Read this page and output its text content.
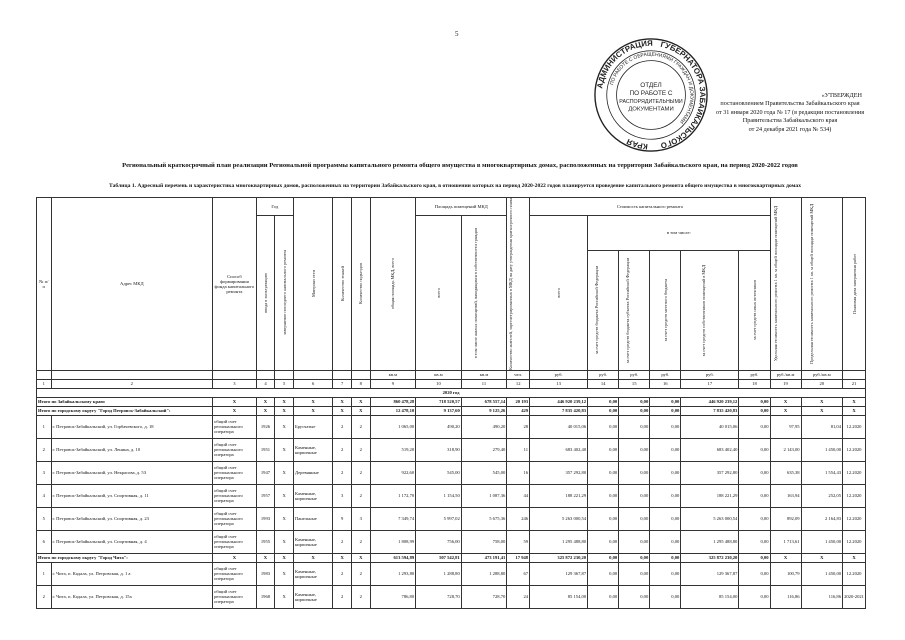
5
АДМИНИСТРАЦИЯ ГУБЕРНАТОРА ЗАБАЙКАЛЬСКОГО
КРАЯ
ПО РАБОТЕ С ОБРАЩЕНИЯМИ ГРАЖДАН И ДОКУМЕНТАМИ
ОТДЕЛ
ПО РАБОТЕ С
РАСПОРЯДИТЕЛЬНЫМИ
ДОКУМЕНТАМИ
«УТВЕРЖДЕН
постановлением Правительства Забайкальского края
от 31 января 2020 года № 17 (в редакции постановления
Правительства Забайкальского края
от 24 декабря 2021 года № 534)
Региональный краткосрочный план реализации Региональной программы капитального ремонта общего имущества в многоквартирных домах, расположенных на территории Забайкальского края, на период 2020-2022 годов
Таблица 1. Адресный перечень и характеристика многоквартирных домов, расположенных на территории Забайкальского края, в отношении которых на период 2020-2022 годов планируется проведение капитального ремонта общего имущества в многоквартирных домах
№ п/п	Адрес МКД	Способ формирования фонда капитального ремонта	Год		Материал стен	Количество этажей	Количество подъездов	общая площадь МКД, всего	Площадь помещений МКД		Количество жителей, зарегистрированных в МКД на дату утверждения краткосрочного плана	Стоимость капитального ремонта						Удельная стоимость капитального ремонта 1 кв. м общей площади помещений МКД	Предельная стоимость капитального ремонта 1 кв. м общей площади помещений МКД	Плановая дата завершения работ

			ввода в эксплуатацию	завершение последнего капитального ремонта					всего	в том числе жилых помещений, находящихся в собственности граждан		всего	в том числе:							

													за счет средств бюджета Российской Федерации	за счет средств бюджета субъекта Российской Федерации	за счет средств местного бюджета	за счет средств собственников помещений в МКД	за счет средств иных источников			

								кв.м	кв.м	кв.м	чел.	руб.	руб.	руб.	руб.	руб.	руб.	руб./кв.м	руб./кв.м	
1	2	3	4	5	6	7	8	9	10	11	12	13	14	15	16	17	18	19	20	21
2020 год																				
Итого по Забайкальскому краю:		X	X	X	X	X	X	860 478,28	718 520,57	678 557,14	20 193	446 920 239,12	0,00	0,00	0,00	446 920 239,12	0,00	X	X	X
Итого по городскому округу "Город Петровск-Забайкальский":		X	X	X	X	X	X	12 478,10	9 137,60	9 125,26	429	7 835 420,83	0,00	0,00	0,00	7 835 420,83	0,00	X	X	X
1	г. Петровск-Забайкальский, ул. Горбачевского, д. 18	общий счет регионального оператора	1926	X	Брусчатые	2	2	1 065,00	490,20	490,20	28	40 015,06	0,00	0,00	0,00	40 015,06	0,00	97,95	81,04	12.2020
2	г. Петровск-Забайкальский, ул. Ленина, д. 10	общий счет регионального оператора	1951	X	Каменные, кирпичные	2	2	519,20	318,90	279,40	11	683 402,40	0,00	0,00	0,00	683 402,40	0,00	2 143,00	1 450,00	12.2020
3	г. Петровск-Забайкальский, ул. Некрасова, д. 53	общий счет регионального оператора	1947	X	Деревянные	2	2	922,60	545,00	545,00	16	357 292,80	0,00	0,00	0,00	357 292,80	0,00	635,38	1 554,43	12.2020
4	г. Петровск-Забайкальский, ул. Спортивная, д. 11	общий счет регионального оператора	1957	X	Каменные, кирпичные	3	2	1 172,70	1 154,50	1 087,36	44	188 221,29	0,00	0,00	0,00	188 221,29	0,00	163,94	252,05	12.2020
5	г. Петровск-Забайкальский, ул. Спортивная, д. 23	общий счет регионального оператора	1993	X	Панельные	9	3	7 349,74	5 997,02	5 675,36	246	5 263 000,54	0,00	0,00	0,00	5 263 000,54	0,00	892,09	2 164,83	12.2020
6	г. Петровск-Забайкальский, ул. Спортивная, д. 4	общий счет регионального оператора	1955	X	Каменные, кирпичные	2	2	1 808,99	756,00	758,00	59	1 295 488,80	0,00	0,00	0,00	1 295 488,80	0,00	1 713,61	1 450,00	12.2020
Итого по городскому округу "Город Чита":		X	X	X	X	X	X	613 594,89	507 542,81	473 191,41	17 948	325 872 230,20	0,00	0,00	0,00	325 872 230,20	0,00	X	X	X
1	г. Чита, п. Кадала, ул. Петровская, д. 1 а	общий счет регионального оператора	1983	X	Каменные, кирпичные	2	2	1 293,80	1 288,80	1 288,80	67	129 367,87	0,00	0,00	0,00	129 367,87	0,00	100,79	1 450,00	12.2020
2	г. Чита, п. Кадала, ул. Петровская, д. 15а	общий счет регионального оператора	1968	X	Каменные, кирпичные	2	2	786,80	728,70	728,70	24	85 154,00	0,00	0,00	0,00	85 154,00	0,00	116,86	116,86	2020-2021
